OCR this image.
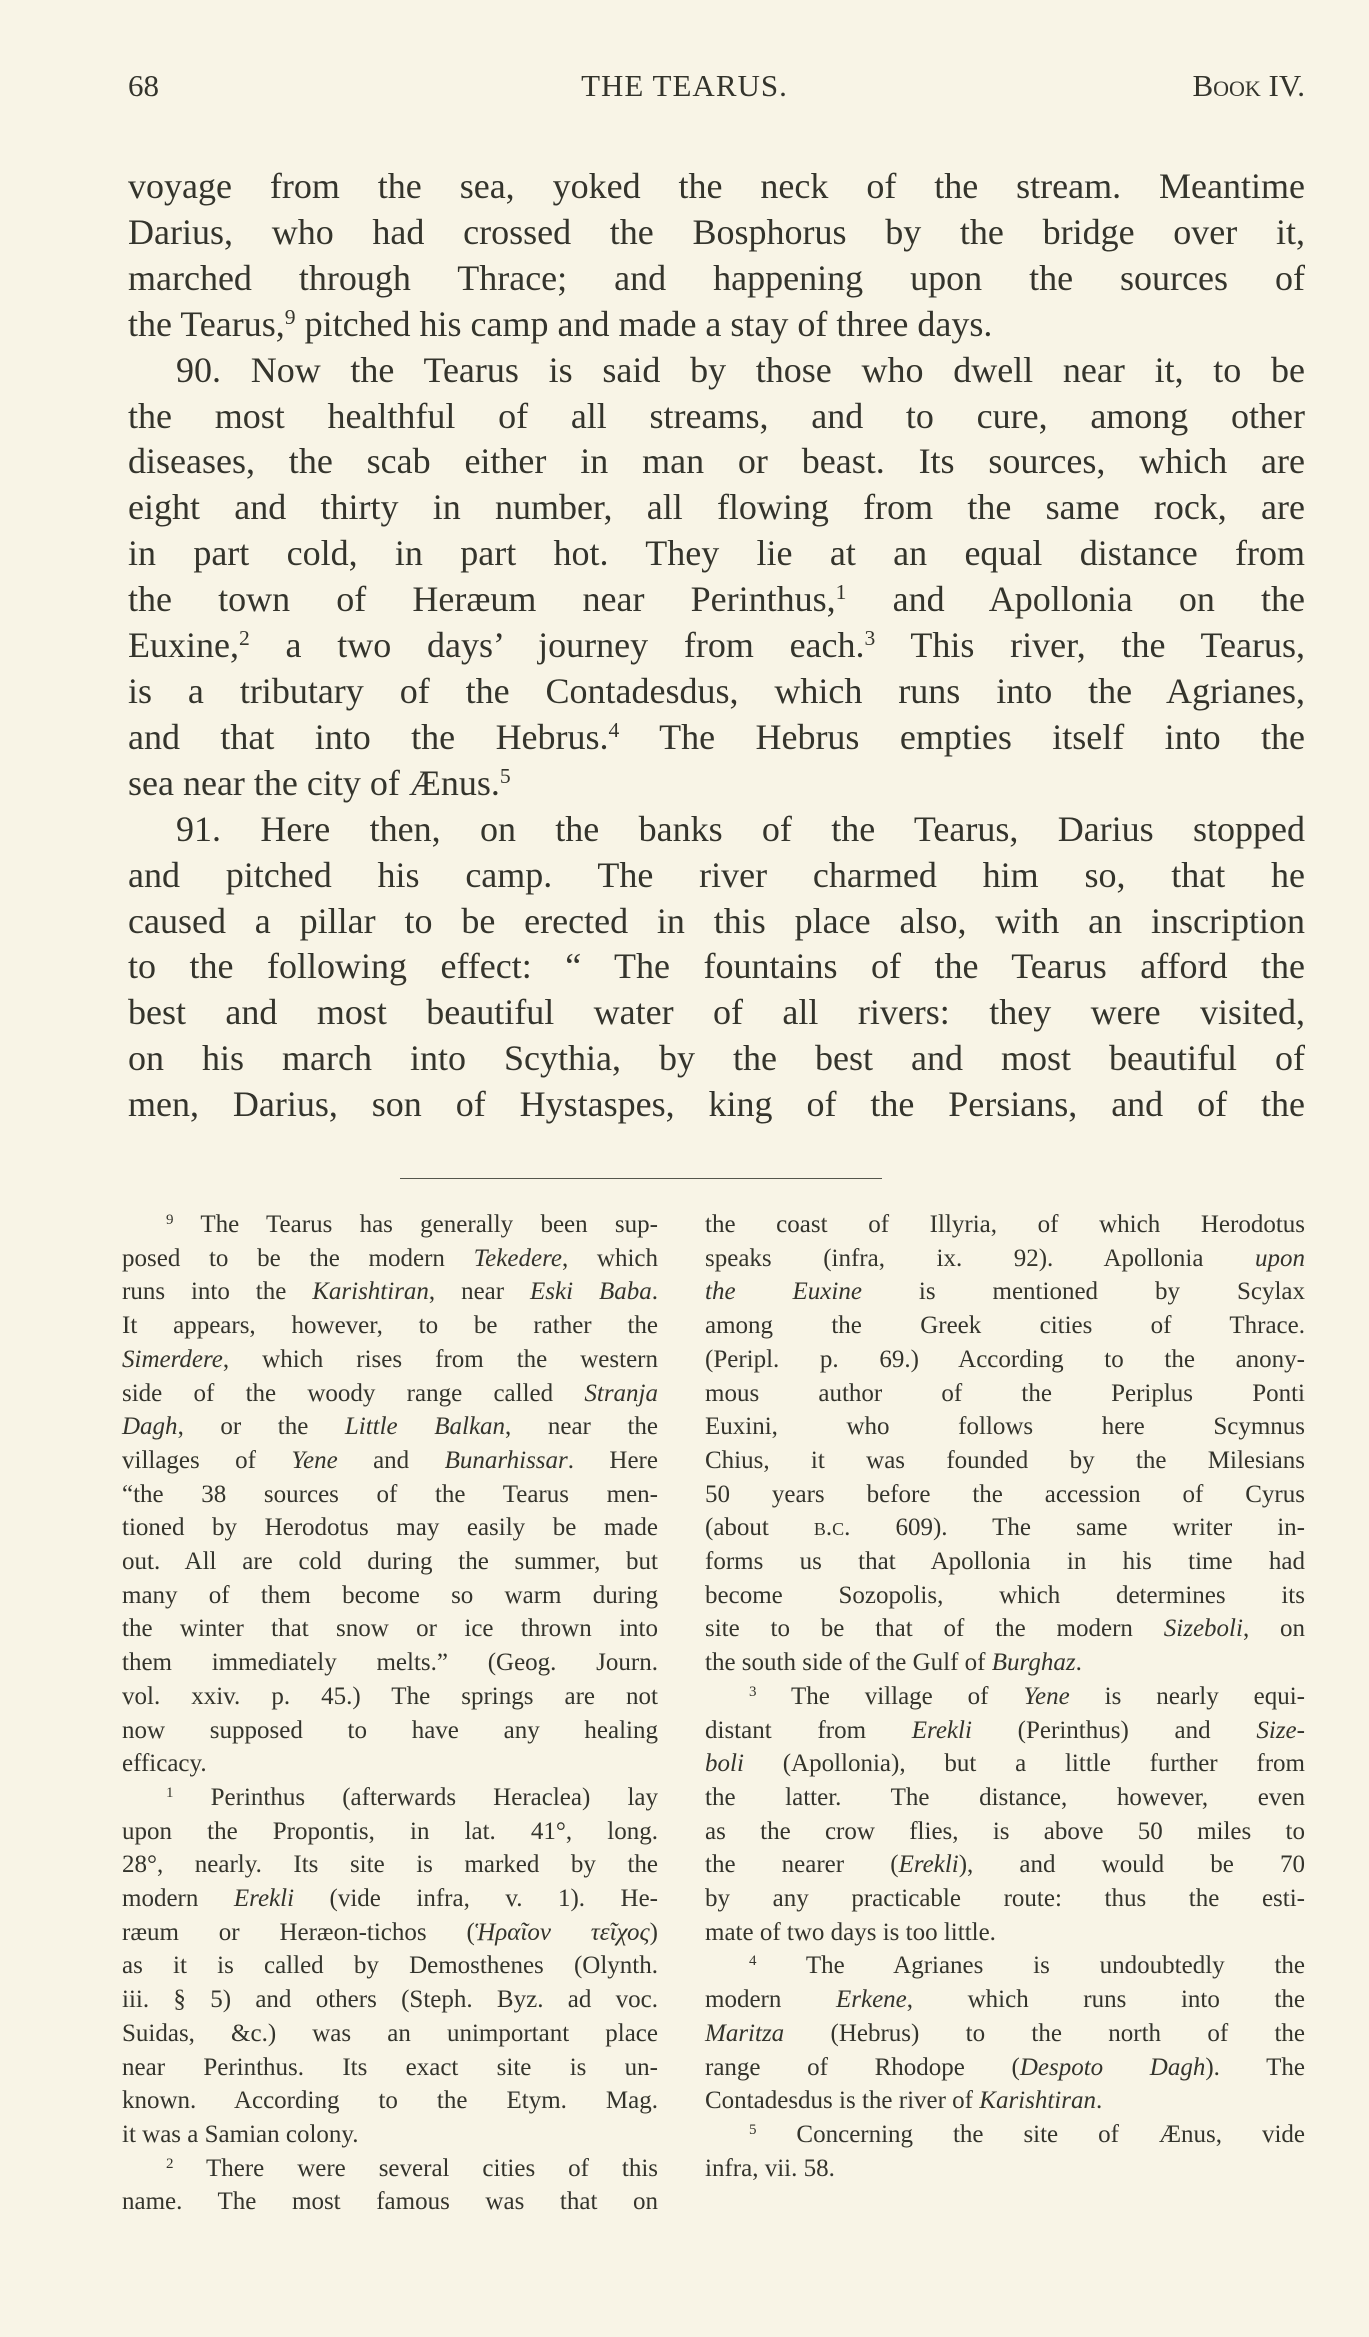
68	THE TEARUS.	Book IV.
voyage from the sea, yoked the neck of the stream. Meantime
Darius, who had crossed the Bosphorus by the bridge over it,
marched through Thrace; and happening upon the sources of
the Tearus,$^9$ pitched his camp and made a stay of three days.
90. Now the Tearus is said by those who dwell near it, to be
the most healthful of all streams, and to cure, among other
diseases, the scab either in man or beast. Its sources, which are
eight and thirty in number, all flowing from the same rock, are
in part cold, in part hot. They lie at an equal distance from
the town of Heræum near Perinthus,$^1$ and Apollonia on the
Euxine,$^2$ a two days’ journey from each.$^3$ This river, the Tearus,
is a tributary of the Contadesdus, which runs into the Agrianes,
and that into the Hebrus.$^4$ The Hebrus empties itself into the
sea near the city of Ænus.$^5$
91. Here then, on the banks of the Tearus, Darius stopped
and pitched his camp. The river charmed him so, that he
caused a pillar to be erected in this place also, with an inscription
to the following effect: “ The fountains of the Tearus afford the
best and most beautiful water of all rivers: they were visited,
on his march into Scythia, by the best and most beautiful of
men, Darius, son of Hystaspes, king of the Persians, and of the
$^9$ The Tearus has generally been sup-
posed to be the modern Tekedere, which
runs into the Karishtiran, near Eski Baba.
It appears, however, to be rather the
Simerdere, which rises from the western
side of the woody range called Stranja
Dagh, or the Little Balkan, near the
villages of Yene and Bunarhissar. Here
“the 38 sources of the Tearus men-
tioned by Herodotus may easily be made
out. All are cold during the summer, but
many of them become so warm during
the winter that snow or ice thrown into
them immediately melts.” (Geog. Journ.
vol. xxiv. p. 45.) The springs are not
now supposed to have any healing
efficacy.
$^1$ Perinthus (afterwards Heraclea) lay
upon the Propontis, in lat. 41°, long.
28°, nearly. Its site is marked by the
modern Erekli (vide infra, v. 1). He-
ræum or Heræon-tichos (Ἡραῖον τεῖχος)
as it is called by Demosthenes (Olynth.
iii. § 5) and others (Steph. Byz. ad voc.
Suidas, &c.) was an unimportant place
near Perinthus. Its exact site is un-
known. According to the Etym. Mag.
it was a Samian colony.
$^2$ There were several cities of this
name. The most famous was that on
the coast of Illyria, of which Herodotus
speaks (infra, ix. 92). Apollonia upon
the Euxine is mentioned by Scylax
among the Greek cities of Thrace.
(Peripl. p. 69.) According to the anony-
mous author of the Periplus Ponti
Euxini, who follows here Scymnus
Chius, it was founded by the Milesians
50 years before the accession of Cyrus
(about b.c. 609). The same writer in-
forms us that Apollonia in his time had
become Sozopolis, which determines its
site to be that of the modern Sizeboli, on
the south side of the Gulf of Burghaz.
$^3$ The village of Yene is nearly equi-
distant from Erekli (Perinthus) and Size-
boli (Apollonia), but a little further from
the latter. The distance, however, even
as the crow flies, is above 50 miles to
the nearer (Erekli), and would be 70
by any practicable route: thus the esti-
mate of two days is too little.
$^4$ The Agrianes is undoubtedly the
modern Erkene, which runs into the
Maritza (Hebrus) to the north of the
range of Rhodope (Despoto Dagh). The
Contadesdus is the river of Karishtiran.
$^5$ Concerning the site of Ænus, vide
infra, vii. 58.
